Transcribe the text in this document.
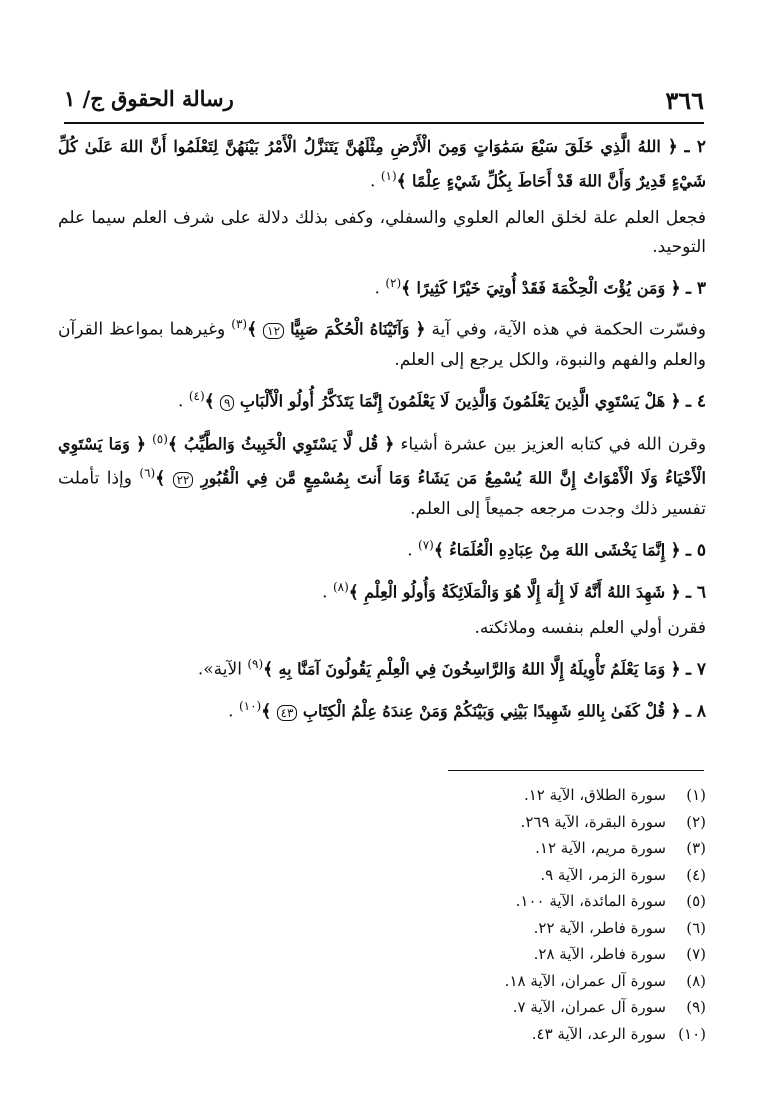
٣٦٦
رسالة الحقوق ج/ ١

٢ ـ ﴿ اللهُ الَّذِي خَلَقَ سَبْعَ سَمَٰوَاتٍ وَمِنَ الْأَرْضِ مِثْلَهُنَّ يَتَنَزَّلُ الْأَمْرُ بَيْنَهُنَّ لِتَعْلَمُوا أَنَّ اللهَ عَلَىٰ كُلِّ شَيْءٍ قَدِيرٌ وَأَنَّ اللهَ قَدْ أَحَاطَ بِكُلِّ شَيْءٍ عِلْمًا ﴾$^{(١)}$ .

فجعل العلم علة لخلق العالم العلوي والسفلي، وكفى بذلك دلالة على شرف العلم سيما علم التوحيد.

٣ ـ ﴿ وَمَن يُؤْتَ الْحِكْمَةَ فَقَدْ أُوتِيَ خَيْرًا كَثِيرًا ﴾$^{(٢)}$ .

وفسّرت الحكمة في هذه الآية، وفي آية ﴿ وَآتَيْنَاهُ الْحُكْمَ صَبِيًّا ١٢ ﴾$^{(٣)}$ وغيرهما بمواعظ القرآن والعلم والفهم والنبوة، والكل يرجع إلى العلم.

٤ ـ ﴿ هَلْ يَسْتَوِي الَّذِينَ يَعْلَمُونَ وَالَّذِينَ لَا يَعْلَمُونَ إِنَّمَا يَتَذَكَّرُ أُولُو الْأَلْبَابِ ٩ ﴾$^{(٤)}$ .

وقرن الله في كتابه العزيز بين عشرة أشياء ﴿ قُل لَّا يَسْتَوِي الْخَبِيثُ وَالطَّيِّبُ ﴾$^{(٥)}$ ﴿ وَمَا يَسْتَوِي الْأَحْيَاءُ وَلَا الْأَمْوَاتُ إِنَّ اللهَ يُسْمِعُ مَن يَشَاءُ وَمَا أَنتَ بِمُسْمِعٍ مَّن فِي الْقُبُورِ ٢٢ ﴾$^{(٦)}$ وإذا تأملت تفسير ذلك وجدت مرجعه جميعاً إلى العلم.

٥ ـ ﴿ إِنَّمَا يَخْشَى اللهَ مِنْ عِبَادِهِ الْعُلَمَاءُ ﴾$^{(٧)}$ .

٦ ـ ﴿ شَهِدَ اللهُ أَنَّهُ لَا إِلَٰهَ إِلَّا هُوَ وَالْمَلَائِكَةُ وَأُولُو الْعِلْمِ ﴾$^{(٨)}$ .

فقرن أولي العلم بنفسه وملائكته.

٧ ـ ﴿ وَمَا يَعْلَمُ تَأْوِيلَهُ إِلَّا اللهُ وَالرَّاسِخُونَ فِي الْعِلْمِ يَقُولُونَ آمَنَّا بِهِ ﴾$^{(٩)}$ الآية».

٨ ـ ﴿ قُلْ كَفَىٰ بِاللهِ شَهِيدًا بَيْنِي وَبَيْنَكُمْ وَمَنْ عِندَهُ عِلْمُ الْكِتَابِ ٤٣ ﴾$^{(١٠)}$ .

(١)سورة الطلاق، الآية ١٢.
(٢)سورة البقرة، الآية ٢٦٩.
(٣)سورة مريم، الآية ١٢.
(٤)سورة الزمر، الآية ٩.
(٥)سورة المائدة، الآية ١٠٠.
(٦)سورة فاطر، الآية ٢٢.
(٧)سورة فاطر، الآية ٢٨.
(٨)سورة آل عمران، الآية ١٨.
(٩)سورة آل عمران، الآية ٧.
(١٠)سورة الرعد، الآية ٤٣.
